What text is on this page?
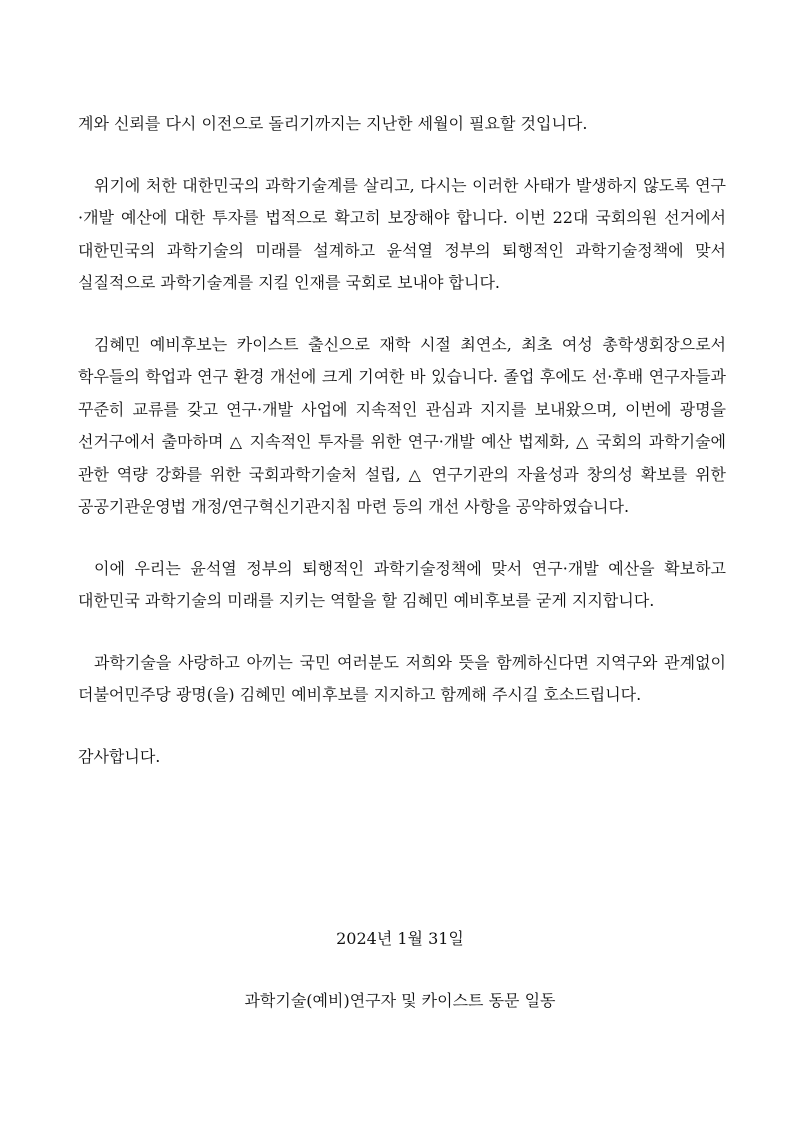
계와 신뢰를 다시 이전으로 돌리기까지는 지난한 세월이 필요할 것입니다.

위기에 처한 대한민국의 과학기술계를 살리고, 다시는 이러한 사태가 발생하지 않도록 연구·개발 예산에 대한 투자를 법적으로 확고히 보장해야 합니다. 이번 22대 국회의원 선거에서 대한민국의 과학기술의 미래를 설계하고 윤석열 정부의 퇴행적인 과학기술정책에 맞서 실질적으로 과학기술계를 지킬 인재를 국회로 보내야 합니다.

김혜민 예비후보는 카이스트 출신으로 재학 시절 최연소, 최초 여성 총학생회장으로서 학우들의 학업과 연구 환경 개선에 크게 기여한 바 있습니다. 졸업 후에도 선·후배 연구자들과 꾸준히 교류를 갖고 연구·개발 사업에 지속적인 관심과 지지를 보내왔으며, 이번에 광명을 선거구에서 출마하며 △ 지속적인 투자를 위한 연구·개발 예산 법제화, △ 국회의 과학기술에 관한 역량 강화를 위한 국회과학기술처 설립, △ 연구기관의 자율성과 창의성 확보를 위한 공공기관운영법 개정/연구혁신기관지침 마련 등의 개선 사항을 공약하였습니다.

이에 우리는 윤석열 정부의 퇴행적인 과학기술정책에 맞서 연구·개발 예산을 확보하고 대한민국 과학기술의 미래를 지키는 역할을 할 김혜민 예비후보를 굳게 지지합니다.

과학기술을 사랑하고 아끼는 국민 여러분도 저희와 뜻을 함께하신다면 지역구와 관계없이 더불어민주당 광명(을) 김혜민 예비후보를 지지하고 함께해 주시길 호소드립니다.

감사합니다.

2024년 1월 31일
과학기술(예비)연구자 및 카이스트 동문 일동
